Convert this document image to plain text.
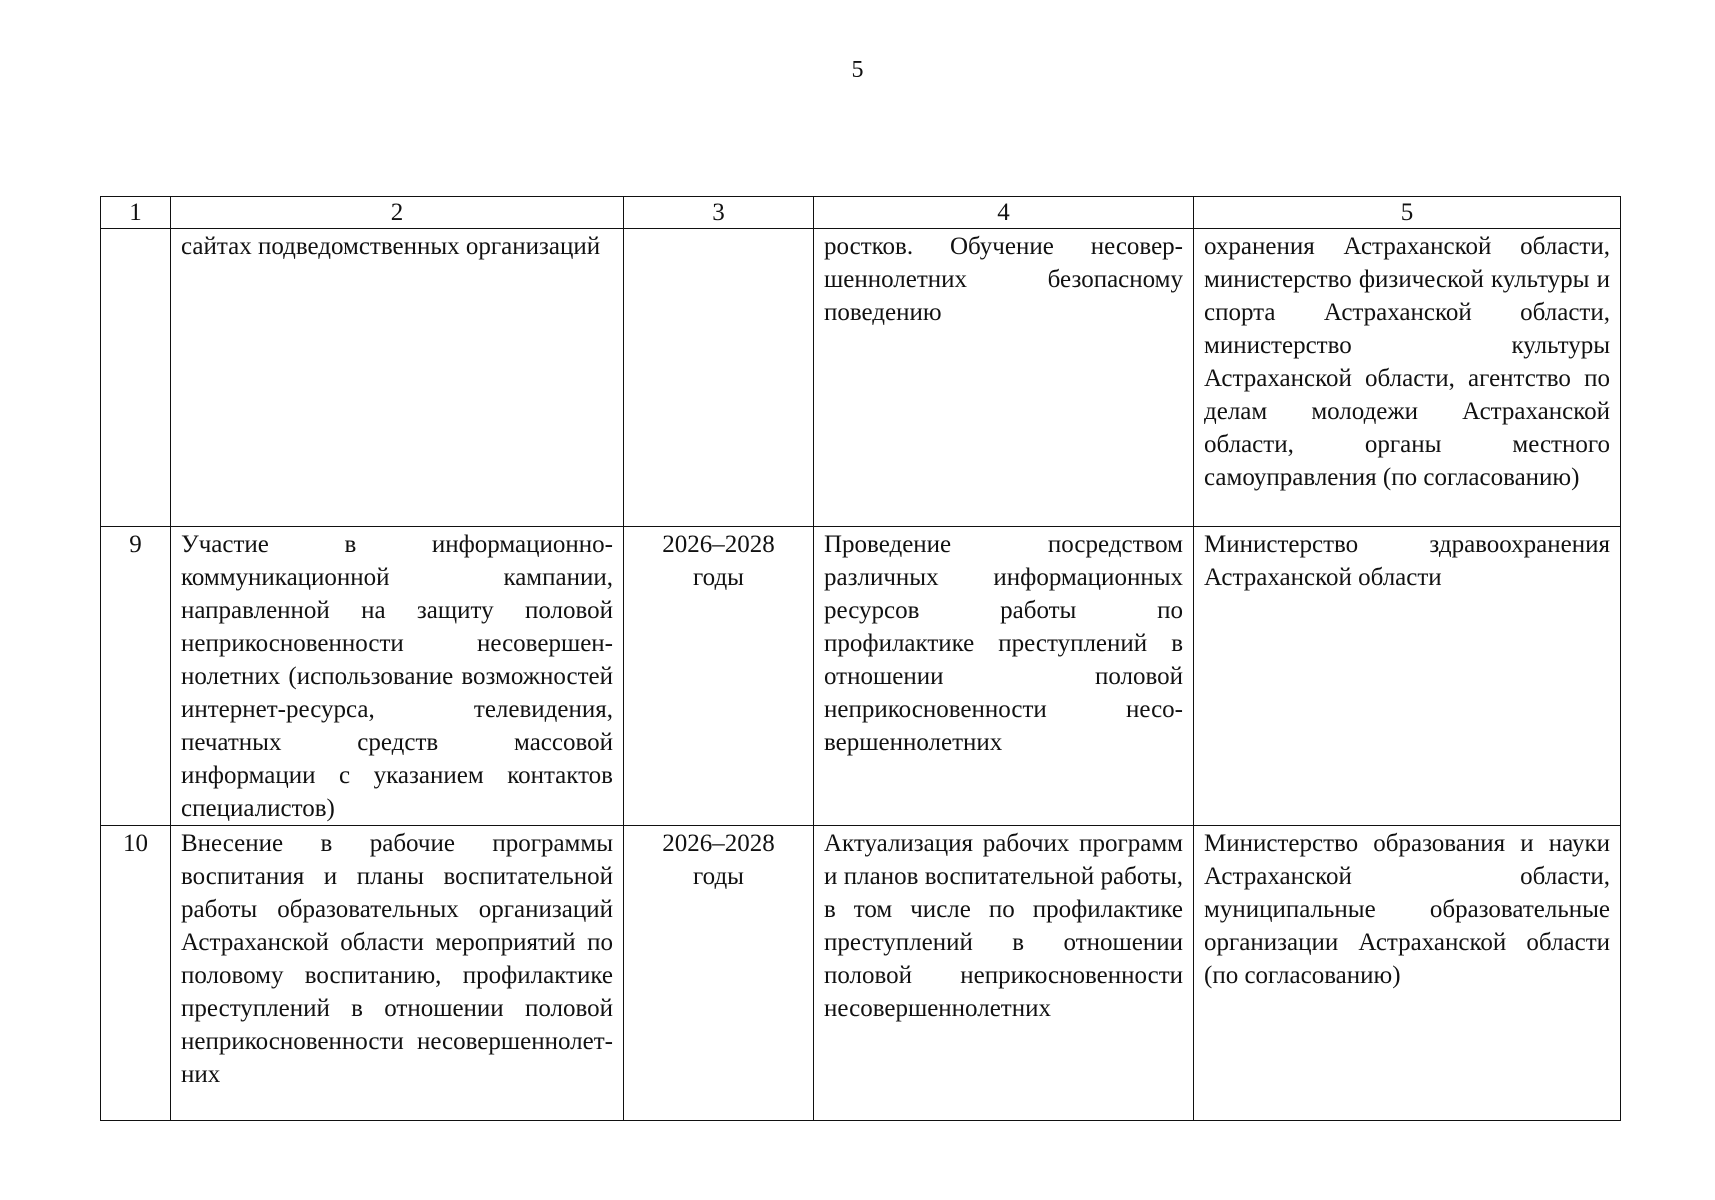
5
1	2	3	4	5
	сайтах подведомственных организаций		ростков. Обучение несовершеннолетних безопасному поведению	охранения Астраханской области, министерство физической культуры и спорта Астраханской области, министерство культуры Астраханской области, агентство по делам молодежи Астраханской области, органы местного самоуправления (по согласованию)
9	Участие в информационно-коммуникационной кампании, направленной на защиту половой неприкосновенности несовершеннолетних (использование возможностей интернет-ресурса, телевидения, печатных средств массовой информации с указанием контактов специалистов)	2026–2028 годы	Проведение посредством различных информационных ресурсов работы по профилактике преступлений в отношении половой неприкосновенности несовершеннолетних	Министерство здравоохранения Астраханской области
10	Внесение в рабочие программы воспитания и планы воспитательной работы образовательных организаций Астраханской области мероприятий по половому воспитанию, профилактике преступлений в отношении половой неприкосновенности несовершеннолетних	2026–2028 годы	Актуализация рабочих программ и планов воспитательной работы, в том числе по профилактике преступлений в отношении половой неприкосновенности несовершеннолетних	Министерство образования и науки Астраханской области, муниципальные образовательные организации Астраханской области (по согласованию)
